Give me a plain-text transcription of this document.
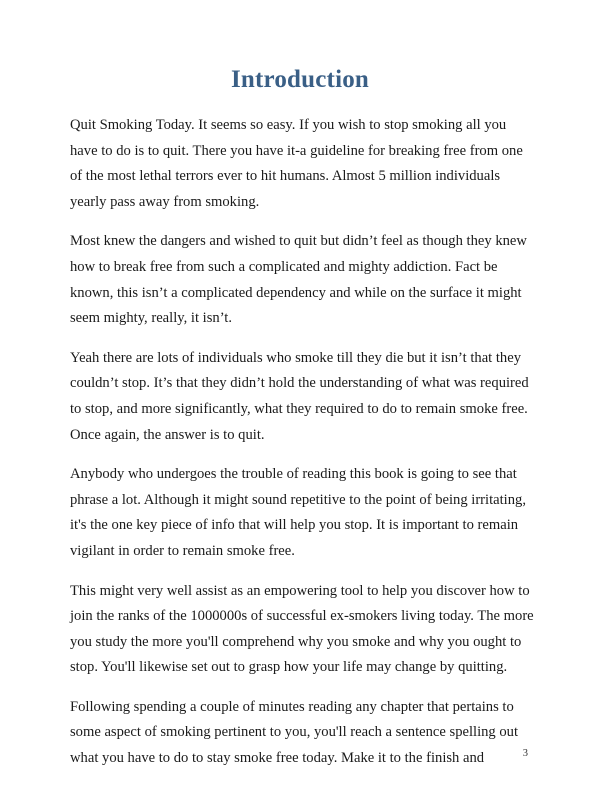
Introduction

Quit Smoking Today. It seems so easy. If you wish to stop smoking all you have to do is to quit. There you have it-a guideline for breaking free from one of the most lethal terrors ever to hit humans. Almost 5 million individuals yearly pass away from smoking.

Most knew the dangers and wished to quit but didn’t feel as though they knew how to break free from such a complicated and mighty addiction. Fact be known, this isn’t a complicated dependency and while on the surface it might seem mighty, really, it isn’t.

Yeah there are lots of individuals who smoke till they die but it isn’t that they couldn’t stop. It’s that they didn’t hold the understanding of what was required to stop, and more significantly, what they required to do to remain smoke free. Once again, the answer is to quit.

Anybody who undergoes the trouble of reading this book is going to see that phrase a lot. Although it might sound repetitive to the point of being irritating, it's the one key piece of info that will help you stop. It is important to remain vigilant in order to remain smoke free.

This might very well assist as an empowering tool to help you discover how to join the ranks of the 1000000s of successful ex-smokers living today. The more you study the more you'll comprehend why you smoke and why you ought to stop. You'll likewise set out to grasp how your life may change by quitting.

Following spending a couple of minutes reading any chapter that pertains to some aspect of smoking pertinent to you, you'll reach a sentence spelling out what you have to do to stay smoke free today. Make it to the finish and	3
